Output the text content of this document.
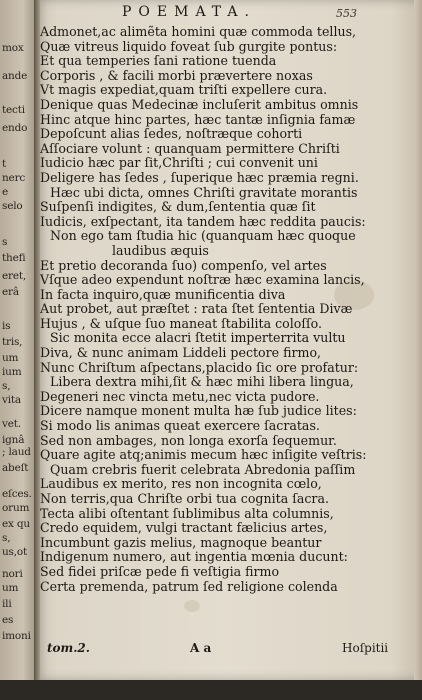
mox
ande
tecti
endo
t
nerc
e
selo
s
thefi
eret,
erâ
is
tris,
um
ium
s,
vita
vet.
ignâ
; laud
abeſt
eſces.
orum
ex qu
s,
us,ot
nori
um
ili
es
imoni
POEMATA.	553
Admonet,ac alimẽta homini quæ commoda tellus,
Quæ vitreus liquido foveat ſub gurgite pontus:
Et qua temperies ſani ratione tuenda
Corporis , & facili morbi prævertere noxas
Vt magis expediat,quam triſti expellere cura.
Denique quas Medecinæ incluſerit ambitus omnis
Hinc atque hinc partes, hæc tantæ inſignia famæ
Depoſcunt alias ſedes, noſtræque cohorti
Aſſociare volunt : quanquam permittere Chriſti
Iudicio hæc par ſit,Chriſti ; cui convenit uni
Deligere has ſedes , ſuperique hæc præmia regni.
Hæc ubi dicta, omnes Chriſti gravitate morantis
Suſpenſi indigites, & dum,ſententia quæ ſit
Iudicis, exſpectant, ita tandem hæc reddita paucis:
Non ego tam ſtudia hic (quanquam hæc quoque
laudibus æquis
Et pretio decoranda ſuo) compenſo, vel artes
Vſque adeo expendunt noſtræ hæc examina lancis,
In facta inquiro,quæ munificentia diva
Aut probet, aut præſtet : rata ſtet ſententia Divæ
Hujus , & uſque ſuo maneat ſtabilita coloſſo.
Sic monita ecce alacri ſtetit imperterrita vultu
Diva, & nunc animam Liddeli pectore firmo,
Nunc Chriſtum aſpectans,placido ſic ore profatur:
Libera dextra mihi,ſit & hæc mihi libera lingua,
Degeneri nec vincta metu,nec victa pudore.
Dicere namque monent multa hæ ſub judice lites:
Si modo lis animas queat exercere ſacratas.
Sed non ambages, non longa exorſa ſequemur.
Quare agite atq;animis mecum hæc inſigite veſtris:
Quam crebris fuerit celebrata Abredonia paſſim
Laudibus ex merito, res non incognita cœlo,
Non terris,qua Chriſte orbi tua cognita ſacra.
Tecta alibi oſtentant ſublimibus alta columnis,
Credo equidem, vulgi tractant fælicius artes,
Incumbunt gazis melius, magnoque beantur
Indigenum numero, aut ingentia mœnia ducunt:
Sed fidei priſcæ pede fi veſtigia firmo
Certa premenda, patrum ſed religione colenda
tom.2.	A a	Hoſpitii
